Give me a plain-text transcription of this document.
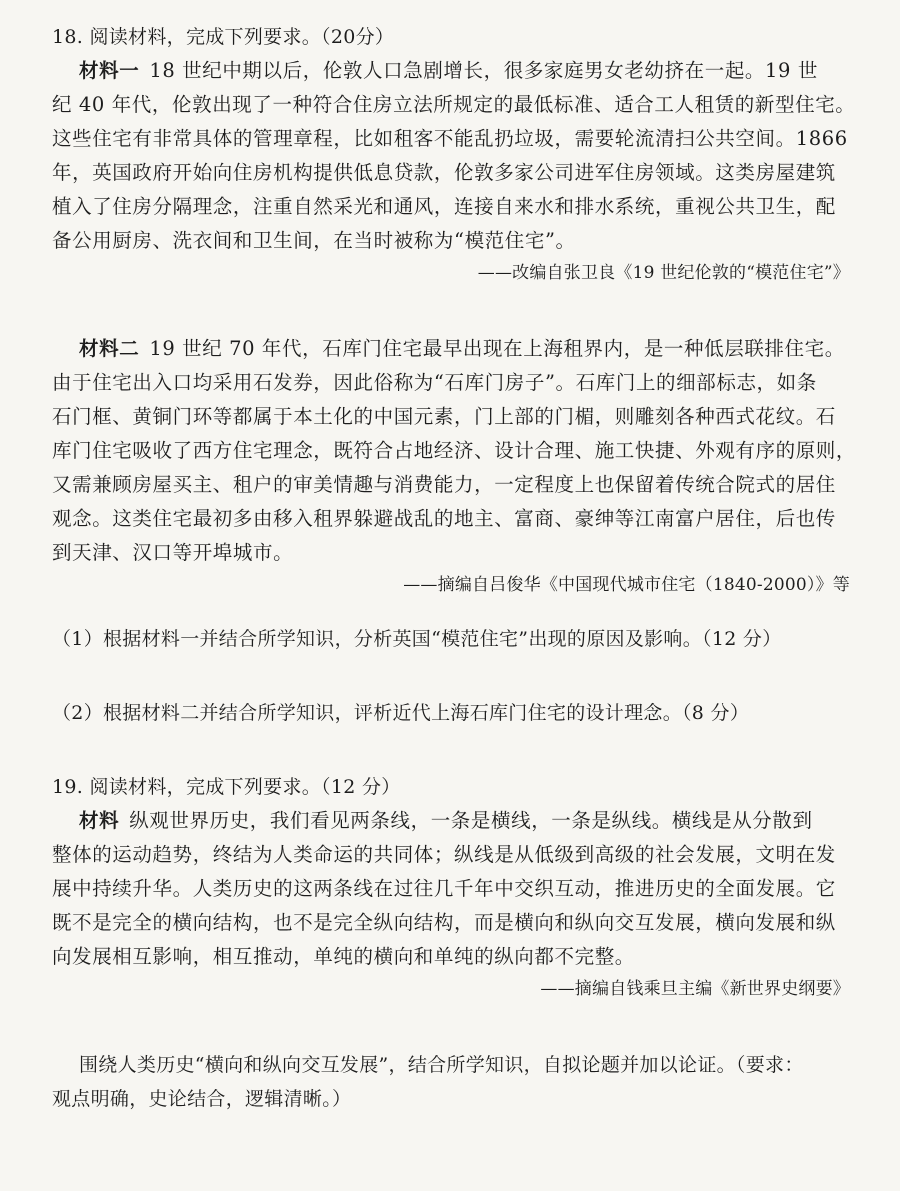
18. 阅读材料，完成下列要求。（20分）
材料一 18 世纪中期以后，伦敦人口急剧增长，很多家庭男女老幼挤在一起。19 世
纪 40 年代，伦敦出现了一种符合住房立法所规定的最低标准、适合工人租赁的新型住宅。
这些住宅有非常具体的管理章程，比如租客不能乱扔垃圾，需要轮流清扫公共空间。1866
年，英国政府开始向住房机构提供低息贷款，伦敦多家公司进军住房领域。这类房屋建筑
植入了住房分隔理念，注重自然采光和通风，连接自来水和排水系统，重视公共卫生，配
备公用厨房、洗衣间和卫生间，在当时被称为“模范住宅”。
——改编自张卫良《19 世纪伦敦的“模范住宅”》
材料二 19 世纪 70 年代，石库门住宅最早出现在上海租界内，是一种低层联排住宅。
由于住宅出入口均采用石发券，因此俗称为“石库门房子”。石库门上的细部标志，如条
石门框、黄铜门环等都属于本土化的中国元素，门上部的门楣，则雕刻各种西式花纹。石
库门住宅吸收了西方住宅理念，既符合占地经济、设计合理、施工快捷、外观有序的原则，
又需兼顾房屋买主、租户的审美情趣与消费能力，一定程度上也保留着传统合院式的居住
观念。这类住宅最初多由移入租界躲避战乱的地主、富商、豪绅等江南富户居住，后也传
到天津、汉口等开埠城市。
——摘编自吕俊华《中国现代城市住宅（1840-2000）》等
（1）根据材料一并结合所学知识，分析英国“模范住宅”出现的原因及影响。（12 分）
（2）根据材料二并结合所学知识，评析近代上海石库门住宅的设计理念。（8 分）
19. 阅读材料，完成下列要求。（12 分）
材料 纵观世界历史，我们看见两条线，一条是横线，一条是纵线。横线是从分散到
整体的运动趋势，终结为人类命运的共同体；纵线是从低级到高级的社会发展，文明在发
展中持续升华。人类历史的这两条线在过往几千年中交织互动，推进历史的全面发展。它
既不是完全的横向结构，也不是完全纵向结构，而是横向和纵向交互发展，横向发展和纵
向发展相互影响，相互推动，单纯的横向和单纯的纵向都不完整。
——摘编自钱乘旦主编《新世界史纲要》
围绕人类历史“横向和纵向交互发展”，结合所学知识，自拟论题并加以论证。（要求：
观点明确，史论结合，逻辑清晰。）
